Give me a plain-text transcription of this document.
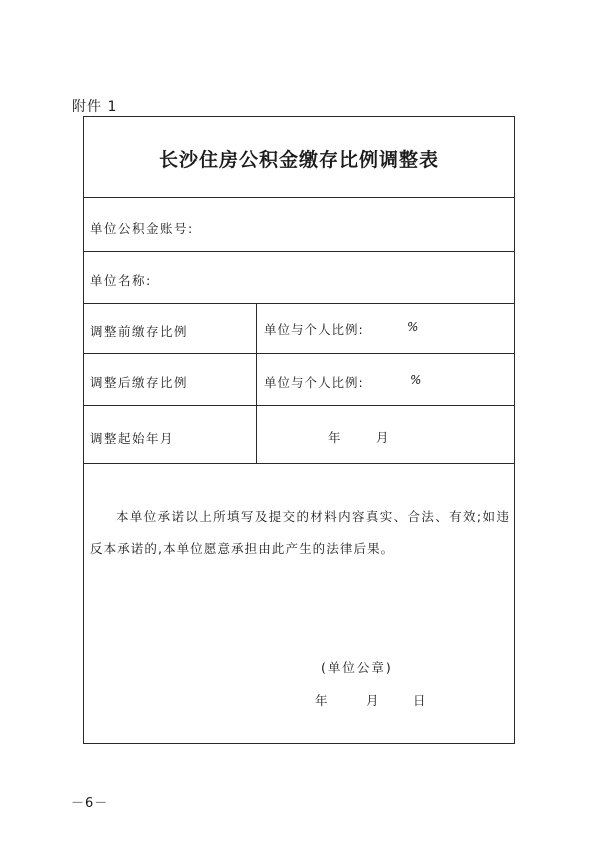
附件 1
长沙住房公积金缴存比例调整表
单位公积金账号:
单位名称:
调整前缴存比例	单位与个人比例:	%
调整后缴存比例	单位与个人比例:	%
调整起始年月	年	月
本单位承诺以上所填写及提交的材料内容真实、合法、有效;如违反本承诺的,本单位愿意承担由此产生的法律后果。
(单位公章)
年	月	日
－6－
